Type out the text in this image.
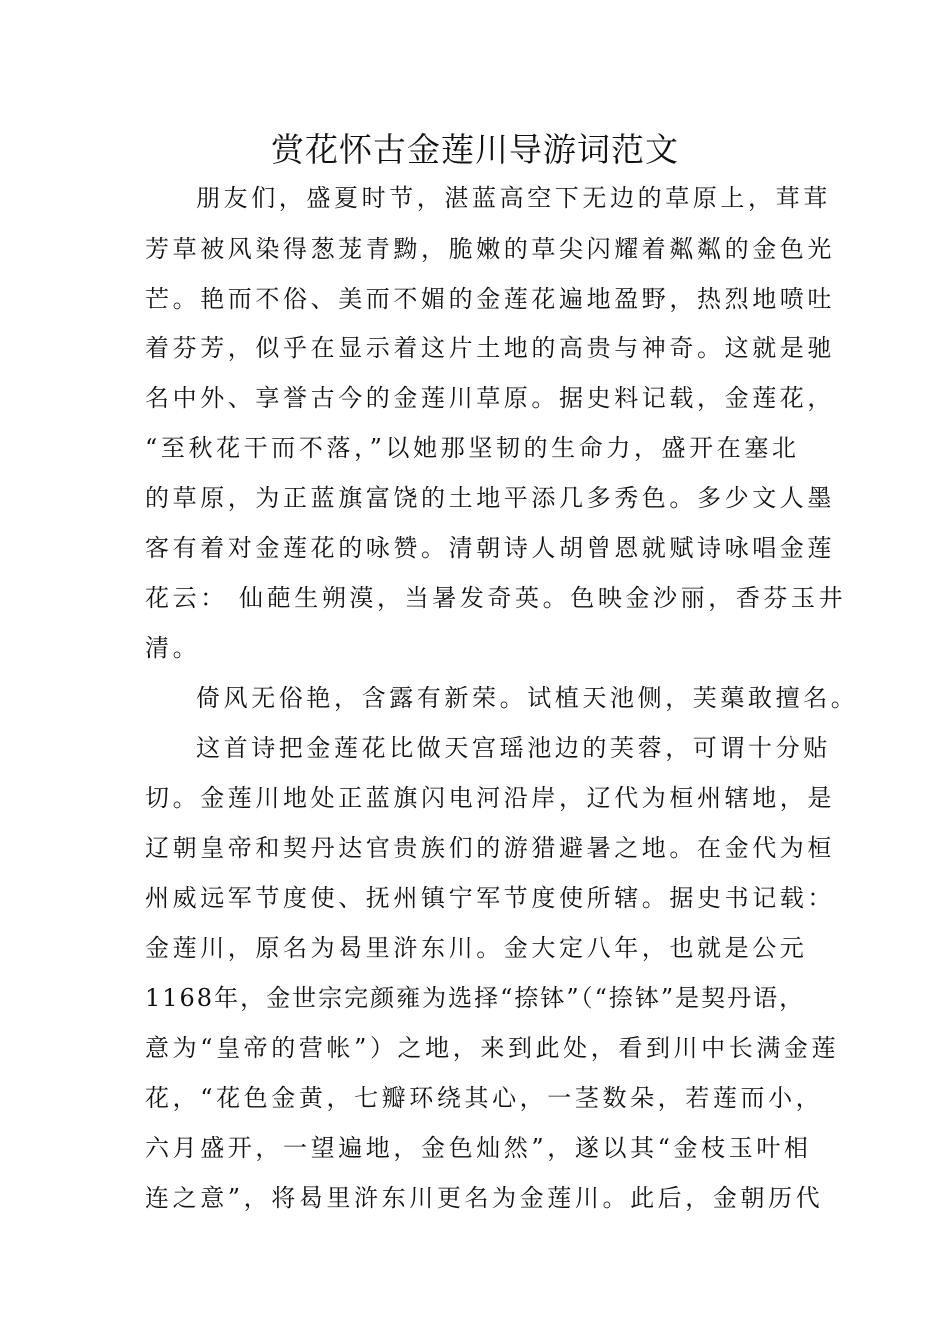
赏花怀古金莲川导游词范文
朋友们，盛夏时节，湛蓝高空下无边的草原上，茸茸
芳草被风染得葱茏青黝，脆嫩的草尖闪耀着粼粼的金色光
芒。艳而不俗、美而不媚的金莲花遍地盈野，热烈地喷吐
着芬芳，似乎在显示着这片土地的高贵与神奇。这就是驰
名中外、享誉古今的金莲川草原。据史料记载，金莲花，
“至秋花干而不落，”以她那坚韧的生命力，盛开在塞北
的草原，为正蓝旗富饶的土地平添几多秀色。多少文人墨
客有着对金莲花的咏赞。清朝诗人胡曾恩就赋诗咏唱金莲
花云： 仙葩生朔漠，当暑发奇英。色映金沙丽，香芬玉井
清。
倚风无俗艳，含露有新荣。试植天池侧，芙蕖敢擅名。
这首诗把金莲花比做天宫瑶池边的芙蓉，可谓十分贴
切。金莲川地处正蓝旗闪电河沿岸，辽代为桓州辖地，是
辽朝皇帝和契丹达官贵族们的游猎避暑之地。在金代为桓
州威远军节度使、抚州镇宁军节度使所辖。据史书记载：
金莲川，原名为曷里浒东川。金大定八年，也就是公元
1168年，金世宗完颜雍为选择“捺钵”（“捺钵”是契丹语，
意为“皇帝的营帐”）之地，来到此处，看到川中长满金莲
花，“花色金黄，七瓣环绕其心，一茎数朵，若莲而小，
六月盛开，一望遍地，金色灿然”，遂以其“金枝玉叶相
连之意”，将曷里浒东川更名为金莲川。此后，金朝历代
